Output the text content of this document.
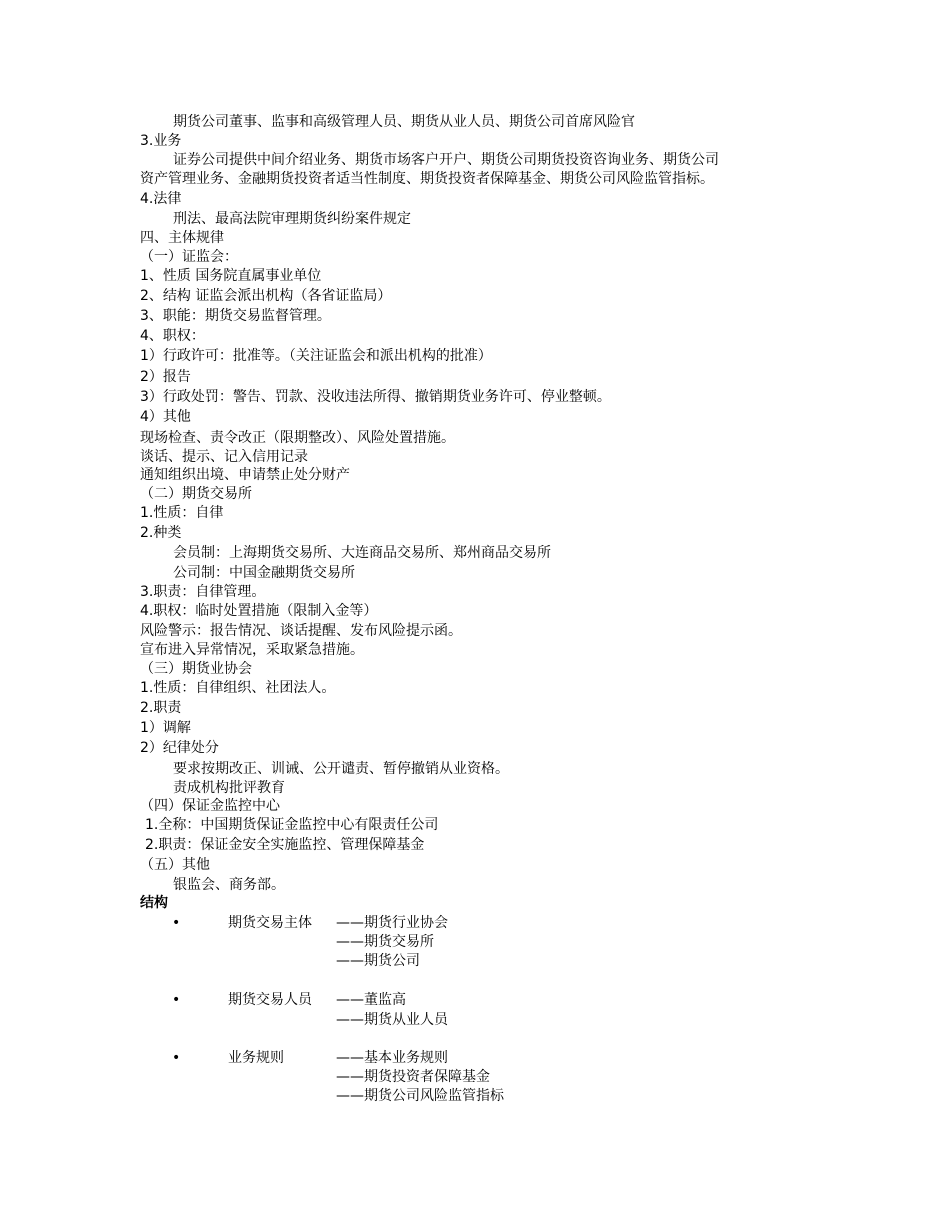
期货公司董事、监事和高级管理人员、期货从业人员、期货公司首席风险官
3.业务
证券公司提供中间介绍业务、期货市场客户开户、期货公司期货投资咨询业务、期货公司
资产管理业务、金融期货投资者适当性制度、期货投资者保障基金、期货公司风险监管指标。
4.法律
刑法、最高法院审理期货纠纷案件规定
四、主体规律
（一）证监会：
1、性质 国务院直属事业单位
2、结构 证监会派出机构（各省证监局）
3、职能：期货交易监督管理。
4、职权：
1）行政许可：批准等。（关注证监会和派出机构的批准）
2）报告
3）行政处罚：警告、罚款、没收违法所得、撤销期货业务许可、停业整顿。
4）其他
现场检查、责令改正（限期整改）、风险处置措施。
谈话、提示、记入信用记录
通知组织出境、申请禁止处分财产
（二）期货交易所
1.性质：自律
2.种类
会员制：上海期货交易所、大连商品交易所、郑州商品交易所
公司制：中国金融期货交易所
3.职责：自律管理。
4.职权：临时处置措施（限制入金等）
风险警示：报告情况、谈话提醒、发布风险提示函。
宣布进入异常情况，采取紧急措施。
（三）期货业协会
1.性质：自律组织、社团法人。
2.职责
1）调解
2）纪律处分
要求按期改正、训诫、公开谴责、暂停撤销从业资格。
责成机构批评教育
（四）保证金监控中心
1.全称：中国期货保证金监控中心有限责任公司
2.职责：保证金安全实施监控、管理保障基金
（五）其他
银监会、商务部。
结构
•	期货交易主体 ——期货行业协会
——期货交易所
——期货公司
•	期货交易人员 ——董监高
——期货从业人员
•	业务规则	——基本业务规则
——期货投资者保障基金
——期货公司风险监管指标
